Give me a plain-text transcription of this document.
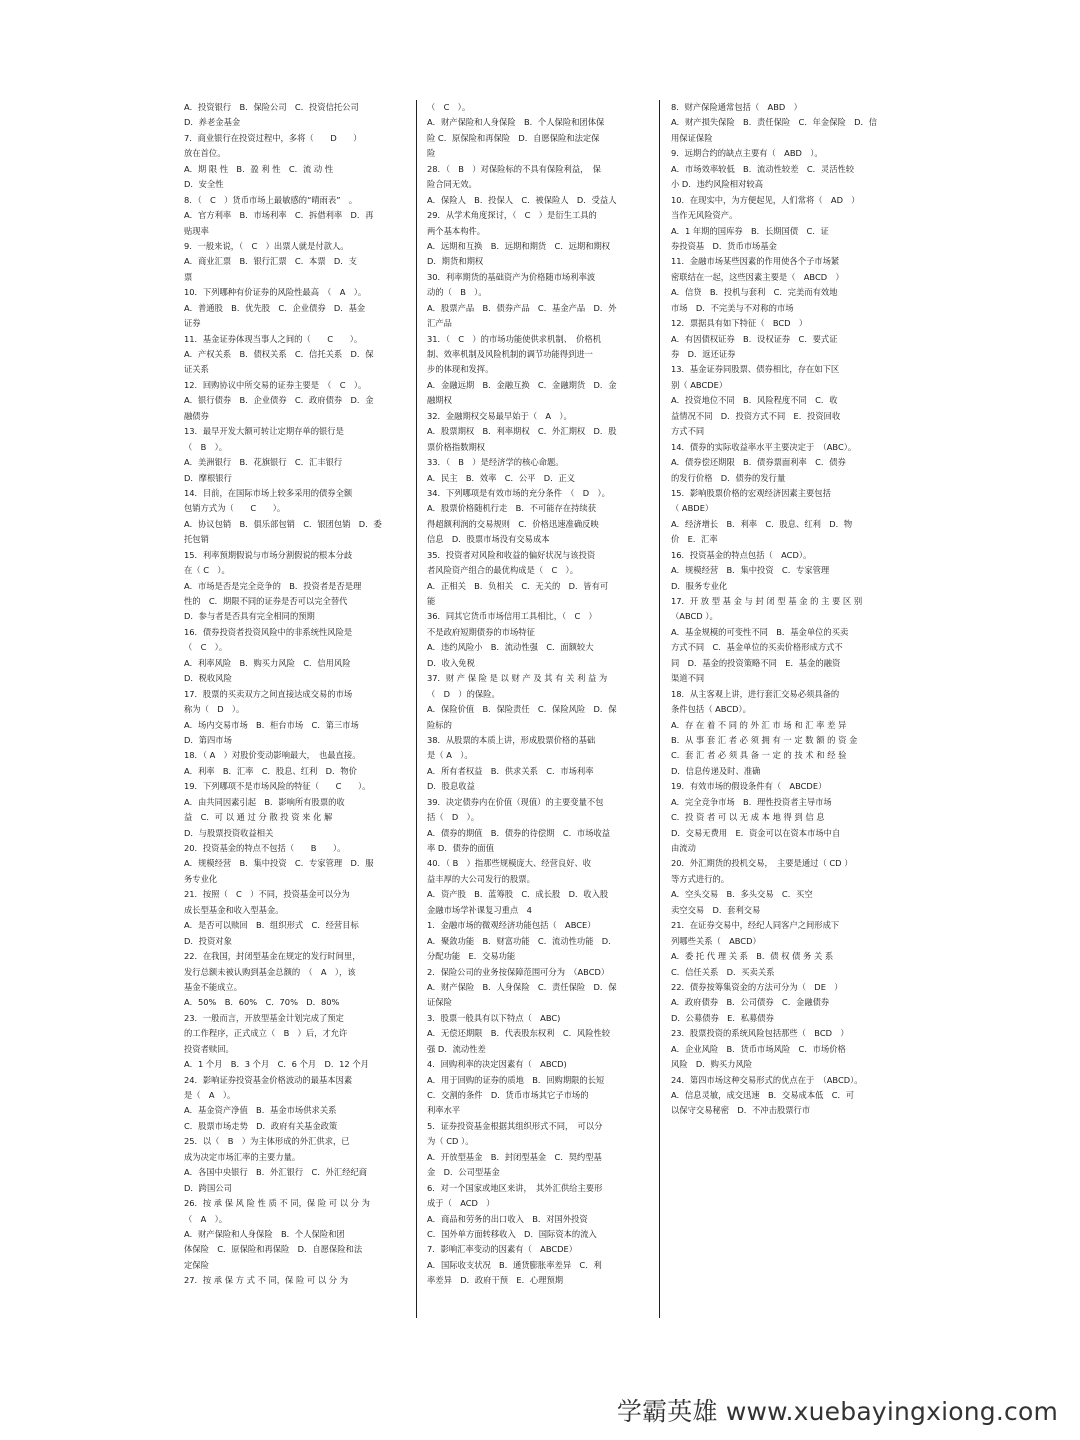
A．投资银行　B．保险公司　C．投资信托公司
D．养老金基金
7．商业银行在投资过程中，多将（　　D　　）
放在首位。
A．期 限 性　B．盈 利 性　C．流 动 性
D．安全性
8．（　C　）货币市场上最敏感的“晴雨表”　。
A．官方利率　B．市场利率　C．拆借利率　D．再
贴现率
9．一般来说，（　C　）出票人就是付款人。
A．商业汇票　B．银行汇票　C．本票　D．支
票
10．下列哪种有价证券的风险性最高　（　A　）。
A．普通股　B．优先股　C．企业债券　D．基金
证券
11．基金证券体现当事人之间的（　　C　　）。
A．产权关系　B．债权关系　C．信托关系　D．保
证关系
12．回购协议中所交易的证券主要是　（　C　）。
A．银行债券　B．企业债券　C．政府债券　D．金
融债券
13．最早开发大额可转让定期存单的银行是
（　B　）。
A．美洲银行　B．花旗银行　C．汇丰银行
D．摩根银行
14．目前，在国际市场上较多采用的债券全额
包销方式为（　　C　　）。
A．协议包销　B．俱乐部包销　C．银团包销　D．委
托包销
15．利率预期假说与市场分割假说的根本分歧
在（ C　）。
A．市场是否是完全竞争的　B．投资者是否是理
性的　C．期限不同的证券是否可以完全替代
D．参与者是否具有完全相同的预期
16．债券投资者投资风险中的非系统性风险是
（　C　）。
A．利率风险　B．购买力风险　C．信用风险
D．税收风险
17．股票的买卖双方之间直接达成交易的市场
称为（　D　）。
A．场内交易市场　B．柜台市场　C．第三市场
D．第四市场
18．（ A　）对股价变动影响最大，　也最直接。
A．利率　B．汇率　C．股息、红利　D．物价
19．下列哪项不是市场风险的特征（　　C　　）。
A．由共同因素引起　B．影响所有股票的收
益　C．可 以 通 过 分 散 投 资 来 化 解
D．与股票投资收益相关
20．投资基金的特点不包括（　　B　　）。
A．规模经营　B．集中投资　C．专家管理　D．服
务专业化
21．按照（　C　）不同，投资基金可以分为
成长型基金和收入型基金。
A．是否可以赎回　B．组织形式　C．经营目标
D．投资对象
22．在我国，封闭型基金在规定的发行时间里，
发行总额未被认购到基金总额的　（　A　），该
基金不能成立。
A．50%　B．60%　C．70%　D．80%
23．一般而言，开放型基金计划完成了预定
的工作程序，正式成立（　B　）后，才允许
投资者赎回。
A．1 个月　B．3 个月　C．6 个月　D．12 个月
24．影响证券投资基金价格波动的最基本因素
是（　A　）。
A．基金资产净值　B．基金市场供求关系
C．股票市场走势　D．政府有关基金政策
25．以（　B　）为主体形成的外汇供求，已
成为决定市场汇率的主要力量。
A．各国中央银行　B．外汇银行　C．外汇经纪商
D．跨国公司
26．按 承 保 风 险 性 质 不 同，保 险 可 以 分 为
（　A　）。
A．财产保险和人身保险　B．个人保险和团
体保险　C．原保险和再保险　D．自愿保险和法
定保险
27．按 承 保 方 式 不 同，保 险 可 以 分 为
（　C　）。
A．财产保险和人身保险　B．个人保险和团体保
险 C．原保险和再保险　D．自愿保险和法定保
险
28．（　B　）对保险标的不具有保险利益，　保
险合同无效。
A．保险人　B．投保人　C．被保险人　D．受益人
29．从学术角度探讨，（　C　）是衍生工具的
两个基本构件。
A．远期和互换　B．远期和期货　C．远期和期权
D．期货和期权
30．利率期货的基础资产为价格随市场利率波
动的（　B　）。
A．股票产品　B．债券产品　C．基金产品　D．外
汇产品
31．（　C　）的市场功能使供求机制、　价格机
制、效率机制及风险机制的调节功能得到进一
步的体现和发挥。
A．金融远期　B．金融互换　C．金融期货　D．金
融期权
32．金融期权交易最早始于（　A　）。
A．股票期权　B．利率期权　C．外汇期权　D．股
票价格指数期权
33．（　B　）是经济学的核心命题。
A．民主　B．效率　C．公平　D．正义
34．下列哪项是有效市场的充分条件　（　D　）。
A．股票价格随机行走　B．不可能存在持续获
得超额利润的交易规则　C．价格迅速准确反映
信息　D．股票市场没有交易成本
35．投资者对风险和收益的偏好状况与该投资
者风险资产组合的最优构成是（　C　）。
A．正相关　B．负相关　C．无关的　D．皆有可
能
36．同其它货币市场信用工具相比，（　C　）
不是政府短期债券的市场特征
A．违约风险小　B．流动性强　C．面额较大
D．收入免税
37．财 产 保 险 是 以 财 产 及 其 有 关 利 益 为
（　D　）的保险。
A．保险价值　B．保险责任　C．保险风险　D．保
险标的
38．从股票的本质上讲，形成股票价格的基础
是（ A　）。
A．所有者权益　B．供求关系　C．市场利率
D．股息收益
39．决定债券内在价值（现值）的主要变量不包
括（　D　）。
A．债券的期值　B．债券的待偿期　C．市场收益
率 D．债券的面值
40．（ B　）指那些规模庞大、经营良好、收
益丰厚的大公司发行的股票。
A．资产股　B．蓝筹股　C．成长股　D．收入股
金融市场学补课复习重点　4
1．金融市场的微观经济功能包括（　ABCE）
A．聚敛功能　B．财富功能　C．流动性功能　D．
分配功能　E．交易功能
2．保险公司的业务按保障范围可分为　（ABCD）
A．财产保险　B．人身保险　C．责任保险　D．保
证保险
3．股票一般具有以下特点（　ABC)
A．无偿还期限　B．代表股东权利　C．风险性较
强 D．流动性差
4．回购利率的决定因素有（　ABCD)
A．用于回购的证券的质地　B．回购期限的长短
C．交割的条件　D．货币市场其它子市场的
利率水平
5．证券投资基金根据其组织形式不同，　可以分
为（ CD ）。
A．开放型基金　B．封闭型基金　C．契约型基
金　D．公司型基金
6．对一个国家或地区来讲，　其外汇供给主要形
成于（　ACD　）
A．商品和劳务的出口收入　B．对国外投资
C．国外单方面转移收入　D．国际资本的流入
7．影响汇率变动的因素有（　ABCDE）
A．国际收支状况　B．通货膨胀率差异　C．利
率差异　D．政府干预　E．心理预期
8．财产保险通常包括（　ABD　）
A．财产损失保险　B．责任保险　C．年金保险　D．信
用保证保险
9．远期合约的缺点主要有（　ABD　）。
A．市场效率较低　B．流动性较差　C．灵活性较
小 D．违约风险相对较高
10．在现实中，为方便起见，人们常将（　AD　）
当作无风险资产。
A．1 年期的国库券　B．长期国债　C．证
券投资基　D．货币市场基金
11．金融市场某些因素的作用使各个子市场紧
密联结在一起，这些因素主要是（　ABCD　）
A．信贷　B．投机与套利　C．完美而有效地
市场　D．不完美与不对称的市场
12．票据具有如下特征（　BCD　）
A．有因债权证券　B．设权证券　C．要式证
券　D．返还证券
13．基金证券同股票、债券相比，存在如下区
别（ ABCDE）
A．投资地位不同　B．风险程度不同　C．收
益情况不同　D．投资方式不同　E．投资回收
方式不同
14．债券的实际收益率水平主要决定于　（ABC）。
A．债券偿还期限　B．债券票面利率　C．债券
的发行价格　D．债券的发行量
15．影响股票价格的宏观经济因素主要包括
（ ABDE）
A．经济增长　B．利率　C．股息、红利　D．物
价　E．汇率
16．投资基金的特点包括（　ACD）。
A．规模经营　B．集中投资　C．专家管理
D．服务专业化
17．开 放 型 基 金 与 封 闭 型 基 金 的 主 要 区 别
（ABCD ）。
A．基金规模的可变性不同　B．基金单位的买卖
方式不同　C．基金单位的买卖价格形成方式不
同　D．基金的投资策略不同　E．基金的融资
渠道不同
18．从主客观上讲，进行套汇交易必须具备的
条件包括（ ABCD）。
A．存 在 着 不 同 的 外 汇 市 场 和 汇 率 差 异
B．从 事 套 汇 者 必 须 拥 有 一 定 数 额 的 资 金
C．套 汇 者 必 须 具 备 一 定 的 技 术 和 经 验
D．信息传递及时、准确
19．有效市场的假设条件有（　ABCDE）
A．完全竞争市场　B．理性投资者主导市场
C．投 资 者 可 以 无 成 本 地 得 到 信 息
D．交易无费用　E．资金可以在资本市场中自
由流动
20．外汇期货的投机交易，　主要是通过（ CD ）
等方式进行的。
A．空头交易　B．多头交易　C．买空
卖空交易　D．套利交易
21．在证券交易中，经纪人同客户之间形成下
列哪些关系（　ABCD）
A．委 托 代 理 关 系　B．债 权 债 务 关 系
C．信任关系　D．买卖关系
22．债券按筹集资金的方法可分为（　DE　）
A．政府债券　B．公司债券　C．金融债券
D．公募债券　E．私募债券
23．股票投资的系统风险包括那些（　BCD　）
A．企业风险　B．货币市场风险　C．市场价格
风险　D．购买力风险
24．第四市场这种交易形式的优点在于　（ABCD）。
A．信息灵敏，成交迅速　B．交易成本低　C．可
以保守交易秘密　D．不冲击股票行市
学霸英雄 www.xuebayingxiong.com
